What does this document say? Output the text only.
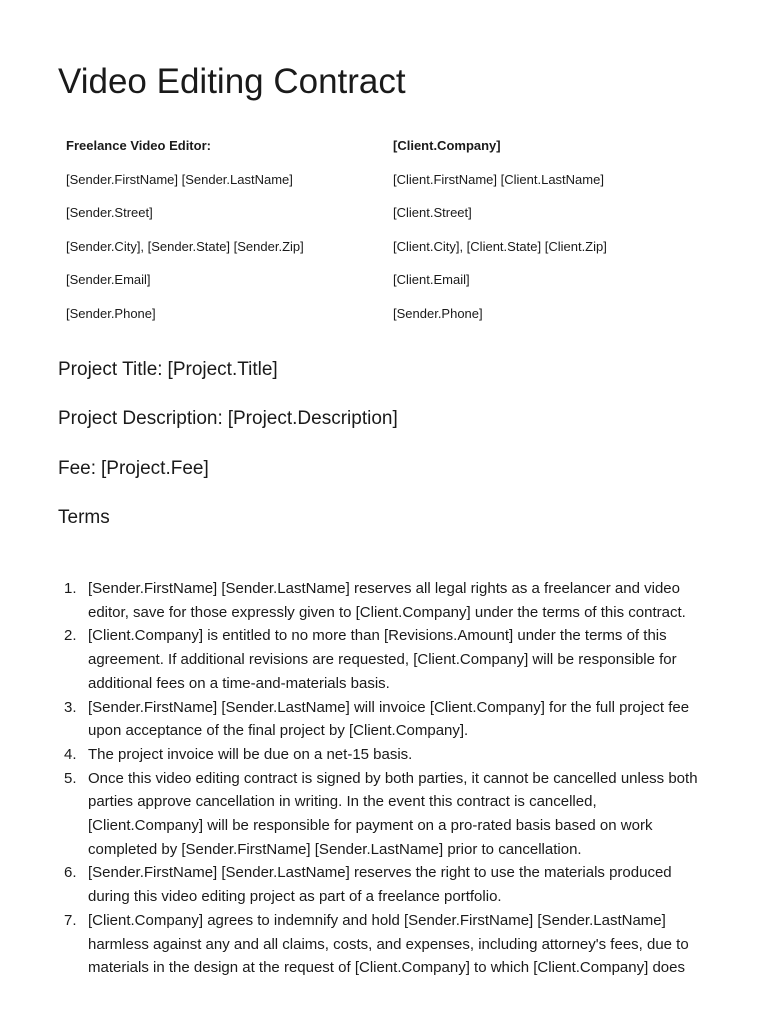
Video Editing Contract
Freelance Video Editor:
[Sender.FirstName] [Sender.LastName]
[Sender.Street]
[Sender.City], [Sender.State] [Sender.Zip]
[Sender.Email]
[Sender.Phone]
[Client.Company]
[Client.FirstName] [Client.LastName]
[Client.Street]
[Client.City], [Client.State] [Client.Zip]
[Client.Email]
[Sender.Phone]
Project Title: [Project.Title]
Project Description: [Project.Description]
Fee: [Project.Fee]
Terms
1. [Sender.FirstName] [Sender.LastName] reserves all legal rights as a freelancer and video editor, save for those expressly given to [Client.Company] under the terms of this contract.
2. [Client.Company] is entitled to no more than [Revisions.Amount] under the terms of this agreement. If additional revisions are requested, [Client.Company] will be responsible for additional fees on a time-and-materials basis.
3. [Sender.FirstName] [Sender.LastName] will invoice [Client.Company] for the full project fee upon acceptance of the final project by [Client.Company].
4. The project invoice will be due on a net-15 basis.
5. Once this video editing contract is signed by both parties, it cannot be cancelled unless both parties approve cancellation in writing. In the event this contract is cancelled, [Client.Company] will be responsible for payment on a pro-rated basis based on work completed by [Sender.FirstName] [Sender.LastName] prior to cancellation.
6. [Sender.FirstName] [Sender.LastName] reserves the right to use the materials produced during this video editing project as part of a freelance portfolio.
7. [Client.Company] agrees to indemnify and hold [Sender.FirstName] [Sender.LastName] harmless against any and all claims, costs, and expenses, including attorney's fees, due to materials in the design at the request of [Client.Company] to which [Client.Company] does
